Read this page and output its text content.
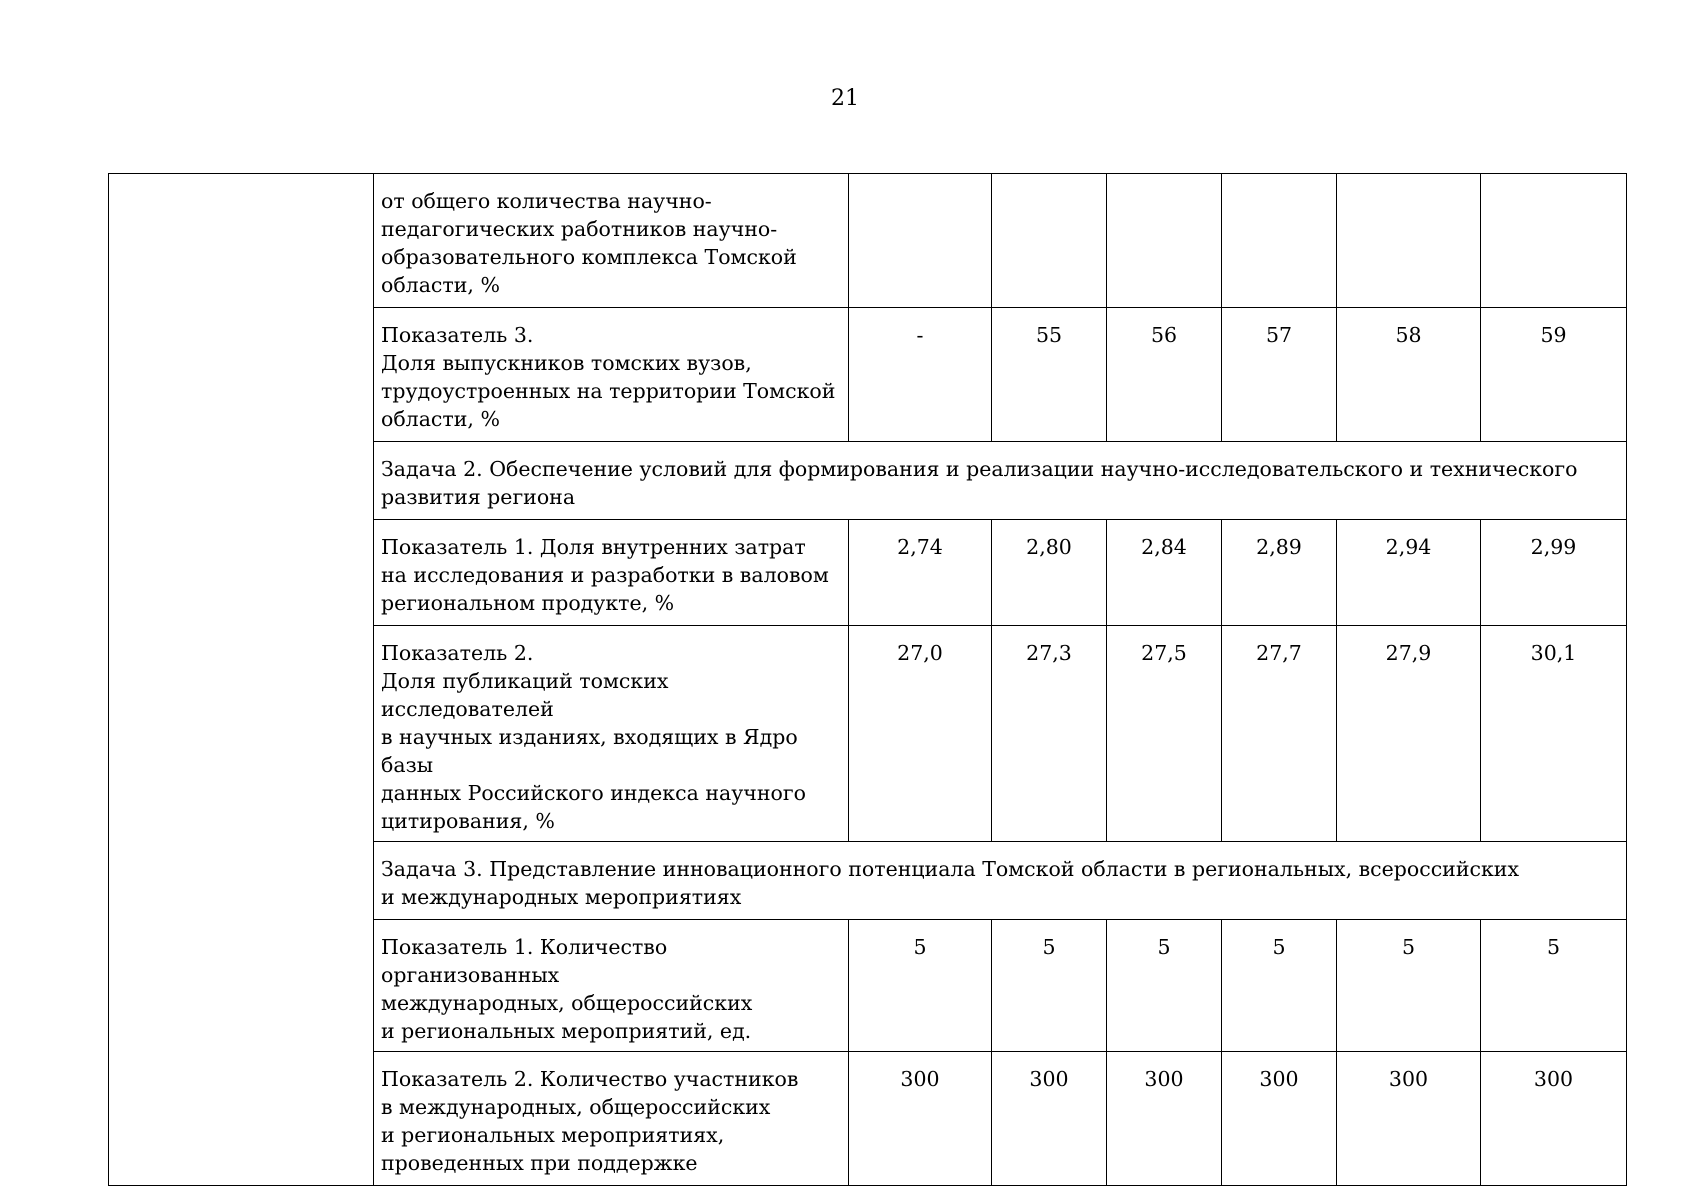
21
	от общего количества научно-
педагогических работников научно-
образовательного комплекса Томской
области, %						
	Показатель 3.
Доля выпускников томских вузов,
трудоустроенных на территории Томской
области, %	-	55	56	57	58	59

	Задача 2. Обеспечение условий для формирования и реализации научно-исследовательского и технического развития региона						

	Показатель 1. Доля внутренних затрат
на исследования и разработки в валовом
региональном продукте, %	2,74	2,80	2,84	2,89	2,94	2,99
	Показатель 2.
Доля публикаций томских исследователей
в научных изданиях, входящих в Ядро базы
данных Российского индекса научного
цитирования, %	27,0	27,3	27,5	27,7	27,9	30,1

	Задача 3. Представление инновационного потенциала Томской области в региональных, всероссийских
и международных мероприятиях						

	Показатель 1. Количество организованных
международных, общероссийских
и региональных мероприятий, ед.	5	5	5	5	5	5
	Показатель 2. Количество участников
в международных, общероссийских
и региональных мероприятиях,
проведенных при поддержке	300	300	300	300	300	300
